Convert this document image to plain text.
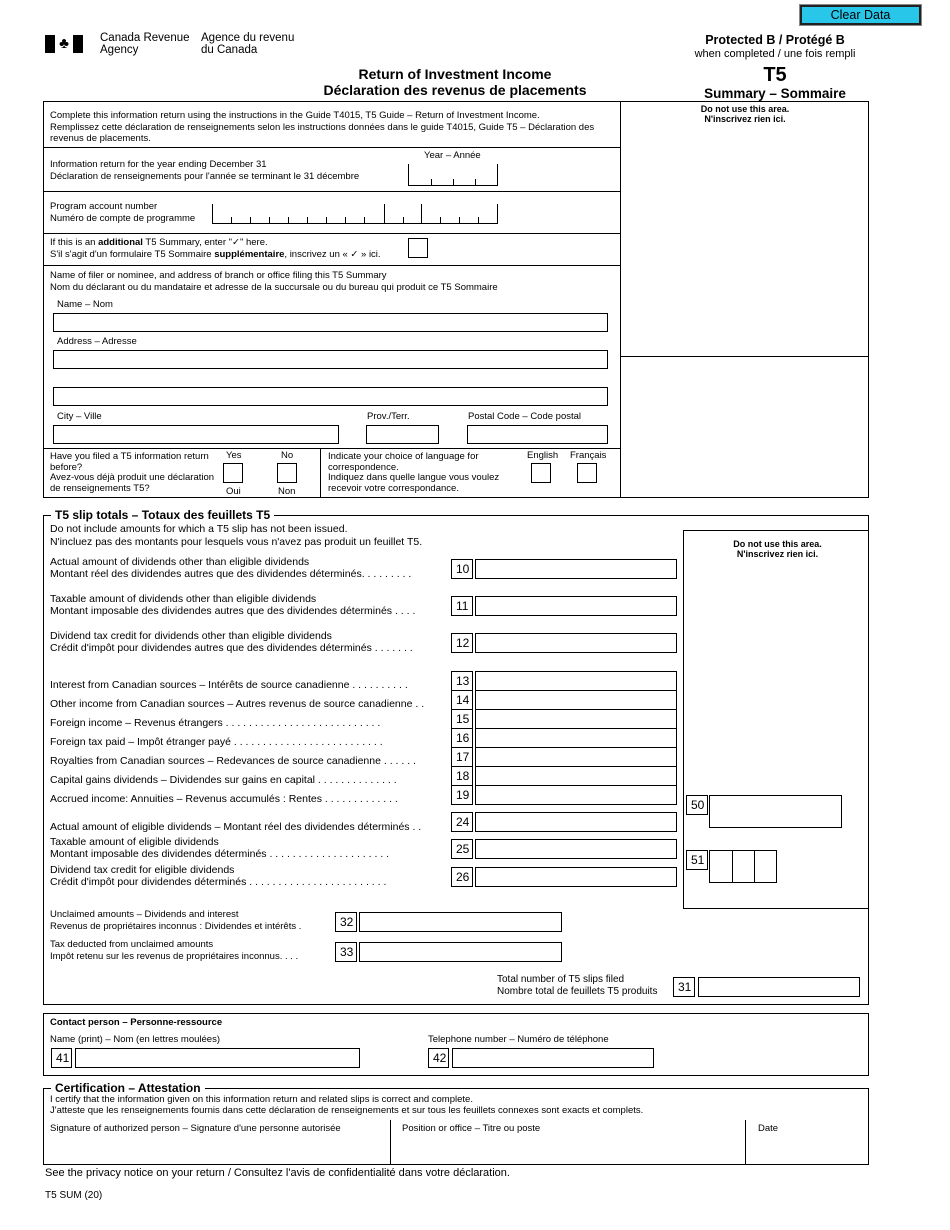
Clear Data
♣	Canada Revenue
Agency
Agence du revenu
du Canada
Protected B / Protégé B
when completed / une fois rempli
T5
Summary – Sommaire
Return of Investment Income
Déclaration des revenus de placements
Do not use this area.
N'inscrivez rien ici.
Complete this information return using the instructions in the Guide T4015, T5 Guide – Return of Investment Income.
Remplissez cette déclaration de renseignements selon les instructions données dans le guide T4015, Guide T5 – Déclaration des
revenus de placements.
Year – Année
Information return for the year ending December 31
Déclaration de renseignements pour l'année se terminant le 31 décembre
Program account number
Numéro de compte de programme
If this is an additional T5 Summary, enter "✓" here.
S'il s'agit d'un formulaire T5 Sommaire supplémentaire, inscrivez un « ✓ » ici.
Name of filer or nominee, and address of branch or office filing this T5 Summary
Nom du déclarant ou du mandataire et adresse de la succursale ou du bureau qui produit ce T5 Sommaire
Name – Nom
Address – Adresse
City – Ville	Prov./Terr.	Postal Code – Code postal
Have you filed a T5 information return
before?
Avez-vous déjà produit une déclaration
de renseignements T5?
Yes	No
Oui	Non
Indicate your choice of language for
correspondence.
Indiquez dans quelle langue vous voulez
recevoir votre correspondance.
English Français
T5 slip totals – Totaux des feuillets T5
Do not include amounts for which a T5 slip has not been issued.
N'incluez pas des montants pour lesquels vous n'avez pas produit un feuillet T5.	Do not use this area.
N'inscrivez rien ici.
50
51
Actual amount of dividends other than eligible dividends
Montant réel des dividendes autres que des dividendes déterminés. . . . . . . . .	10
Taxable amount of dividends other than eligible dividends
Montant imposable des dividendes autres que des dividendes déterminés . . . .	11
Dividend tax credit for dividends other than eligible dividends
Crédit d'impôt pour dividendes autres que des dividendes déterminés . . . . . . .	12
Interest from Canadian sources – Intérêts de source canadienne . . . . . . . . . .	13
Other income from Canadian sources – Autres revenus de source canadienne . .	14
Foreign income – Revenus étrangers . . . . . . . . . . . . . . . . . . . . . . . . . . .	15
Foreign tax paid – Impôt étranger payé . . . . . . . . . . . . . . . . . . . . . . . . . .	16
Royalties from Canadian sources – Redevances de source canadienne . . . . . .	17
Capital gains dividends – Dividendes sur gains en capital . . . . . . . . . . . . . .	18
Accrued income: Annuities – Revenus accumulés : Rentes . . . . . . . . . . . . .	19
Actual amount of eligible dividends – Montant réel des dividendes déterminés . .	24
Taxable amount of eligible dividends
Montant imposable des dividendes déterminés . . . . . . . . . . . . . . . . . . . . .	25
Dividend tax credit for eligible dividends
Crédit d'impôt pour dividendes déterminés . . . . . . . . . . . . . . . . . . . . . . . .	26
Unclaimed amounts – Dividends and interest
Revenus de propriétaires inconnus : Dividendes et intérêts .	32
Tax deducted from unclaimed amounts
Impôt retenu sur les revenus de propriétaires inconnus. . . .	33
Total number of T5 slips filed
Nombre total de feuillets T5 produits	31
Contact person – Personne-ressource
Name (print) – Nom (en lettres moulées)
41
Telephone number – Numéro de téléphone
42
Certification – Attestation
I certify that the information given on this information return and related slips is correct and complete.
J'atteste que les renseignements fournis dans cette déclaration de renseignements et sur tous les feuillets connexes sont exacts et complets.
Signature of authorized person – Signature d'une personne autorisée	Position or office – Titre ou poste	Date
See the privacy notice on your return / Consultez l'avis de confidentialité dans votre déclaration.
T5 SUM (20)
